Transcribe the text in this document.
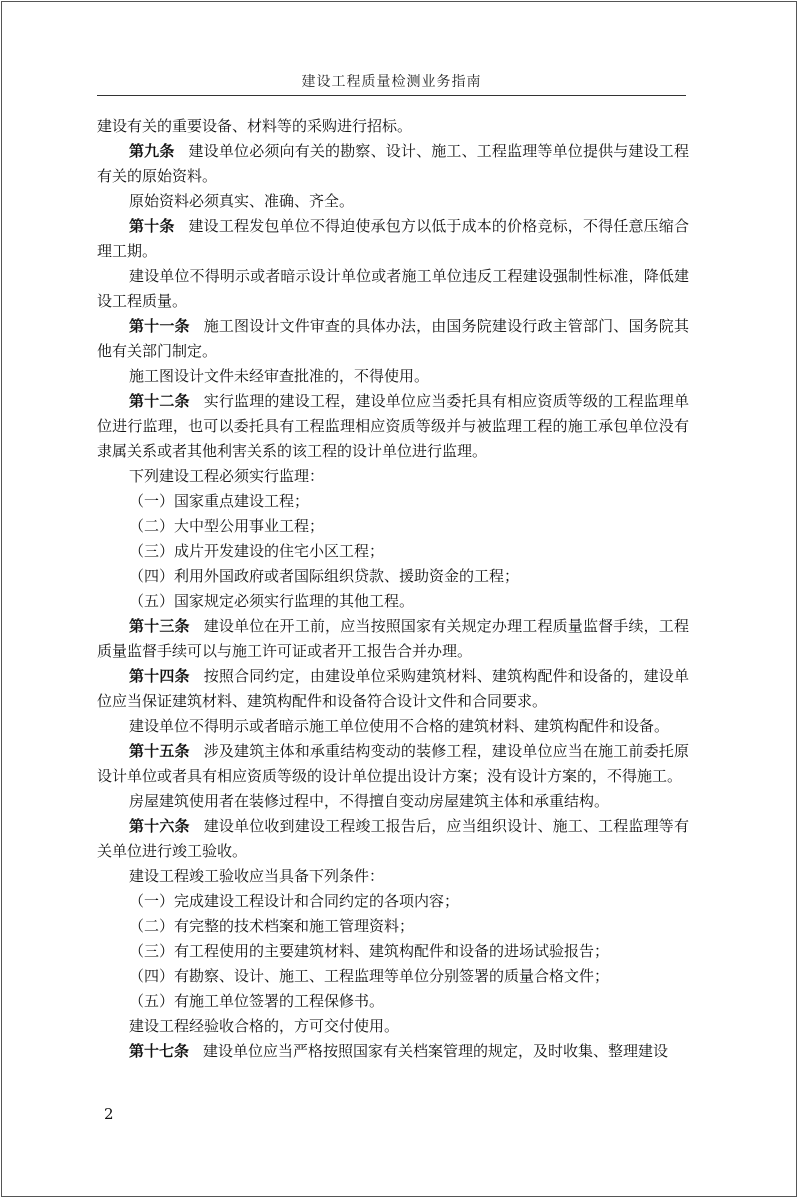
建设工程质量检测业务指南

建设有关的重要设备、材料等的采购进行招标。

第九条 建设单位必须向有关的勘察、设计、施工、工程监理等单位提供与建设工程有关的原始资料。

原始资料必须真实、准确、齐全。

第十条 建设工程发包单位不得迫使承包方以低于成本的价格竞标，不得任意压缩合理工期。

建设单位不得明示或者暗示设计单位或者施工单位违反工程建设强制性标准，降低建设工程质量。

第十一条 施工图设计文件审查的具体办法，由国务院建设行政主管部门、国务院其他有关部门制定。

施工图设计文件未经审查批准的，不得使用。

第十二条 实行监理的建设工程，建设单位应当委托具有相应资质等级的工程监理单位进行监理，也可以委托具有工程监理相应资质等级并与被监理工程的施工承包单位没有隶属关系或者其他利害关系的该工程的设计单位进行监理。

下列建设工程必须实行监理：

（一）国家重点建设工程；

（二）大中型公用事业工程；

（三）成片开发建设的住宅小区工程；

（四）利用外国政府或者国际组织贷款、援助资金的工程；

（五）国家规定必须实行监理的其他工程。

第十三条 建设单位在开工前，应当按照国家有关规定办理工程质量监督手续，工程质量监督手续可以与施工许可证或者开工报告合并办理。

第十四条 按照合同约定，由建设单位采购建筑材料、建筑构配件和设备的，建设单位应当保证建筑材料、建筑构配件和设备符合设计文件和合同要求。

建设单位不得明示或者暗示施工单位使用不合格的建筑材料、建筑构配件和设备。

第十五条 涉及建筑主体和承重结构变动的装修工程，建设单位应当在施工前委托原设计单位或者具有相应资质等级的设计单位提出设计方案；没有设计方案的，不得施工。

房屋建筑使用者在装修过程中，不得擅自变动房屋建筑主体和承重结构。

第十六条 建设单位收到建设工程竣工报告后，应当组织设计、施工、工程监理等有关单位进行竣工验收。

建设工程竣工验收应当具备下列条件：

（一）完成建设工程设计和合同约定的各项内容；

（二）有完整的技术档案和施工管理资料；

（三）有工程使用的主要建筑材料、建筑构配件和设备的进场试验报告；

（四）有勘察、设计、施工、工程监理等单位分别签署的质量合格文件；

（五）有施工单位签署的工程保修书。

建设工程经验收合格的，方可交付使用。

第十七条 建设单位应当严格按照国家有关档案管理的规定，及时收集、整理建设

2
